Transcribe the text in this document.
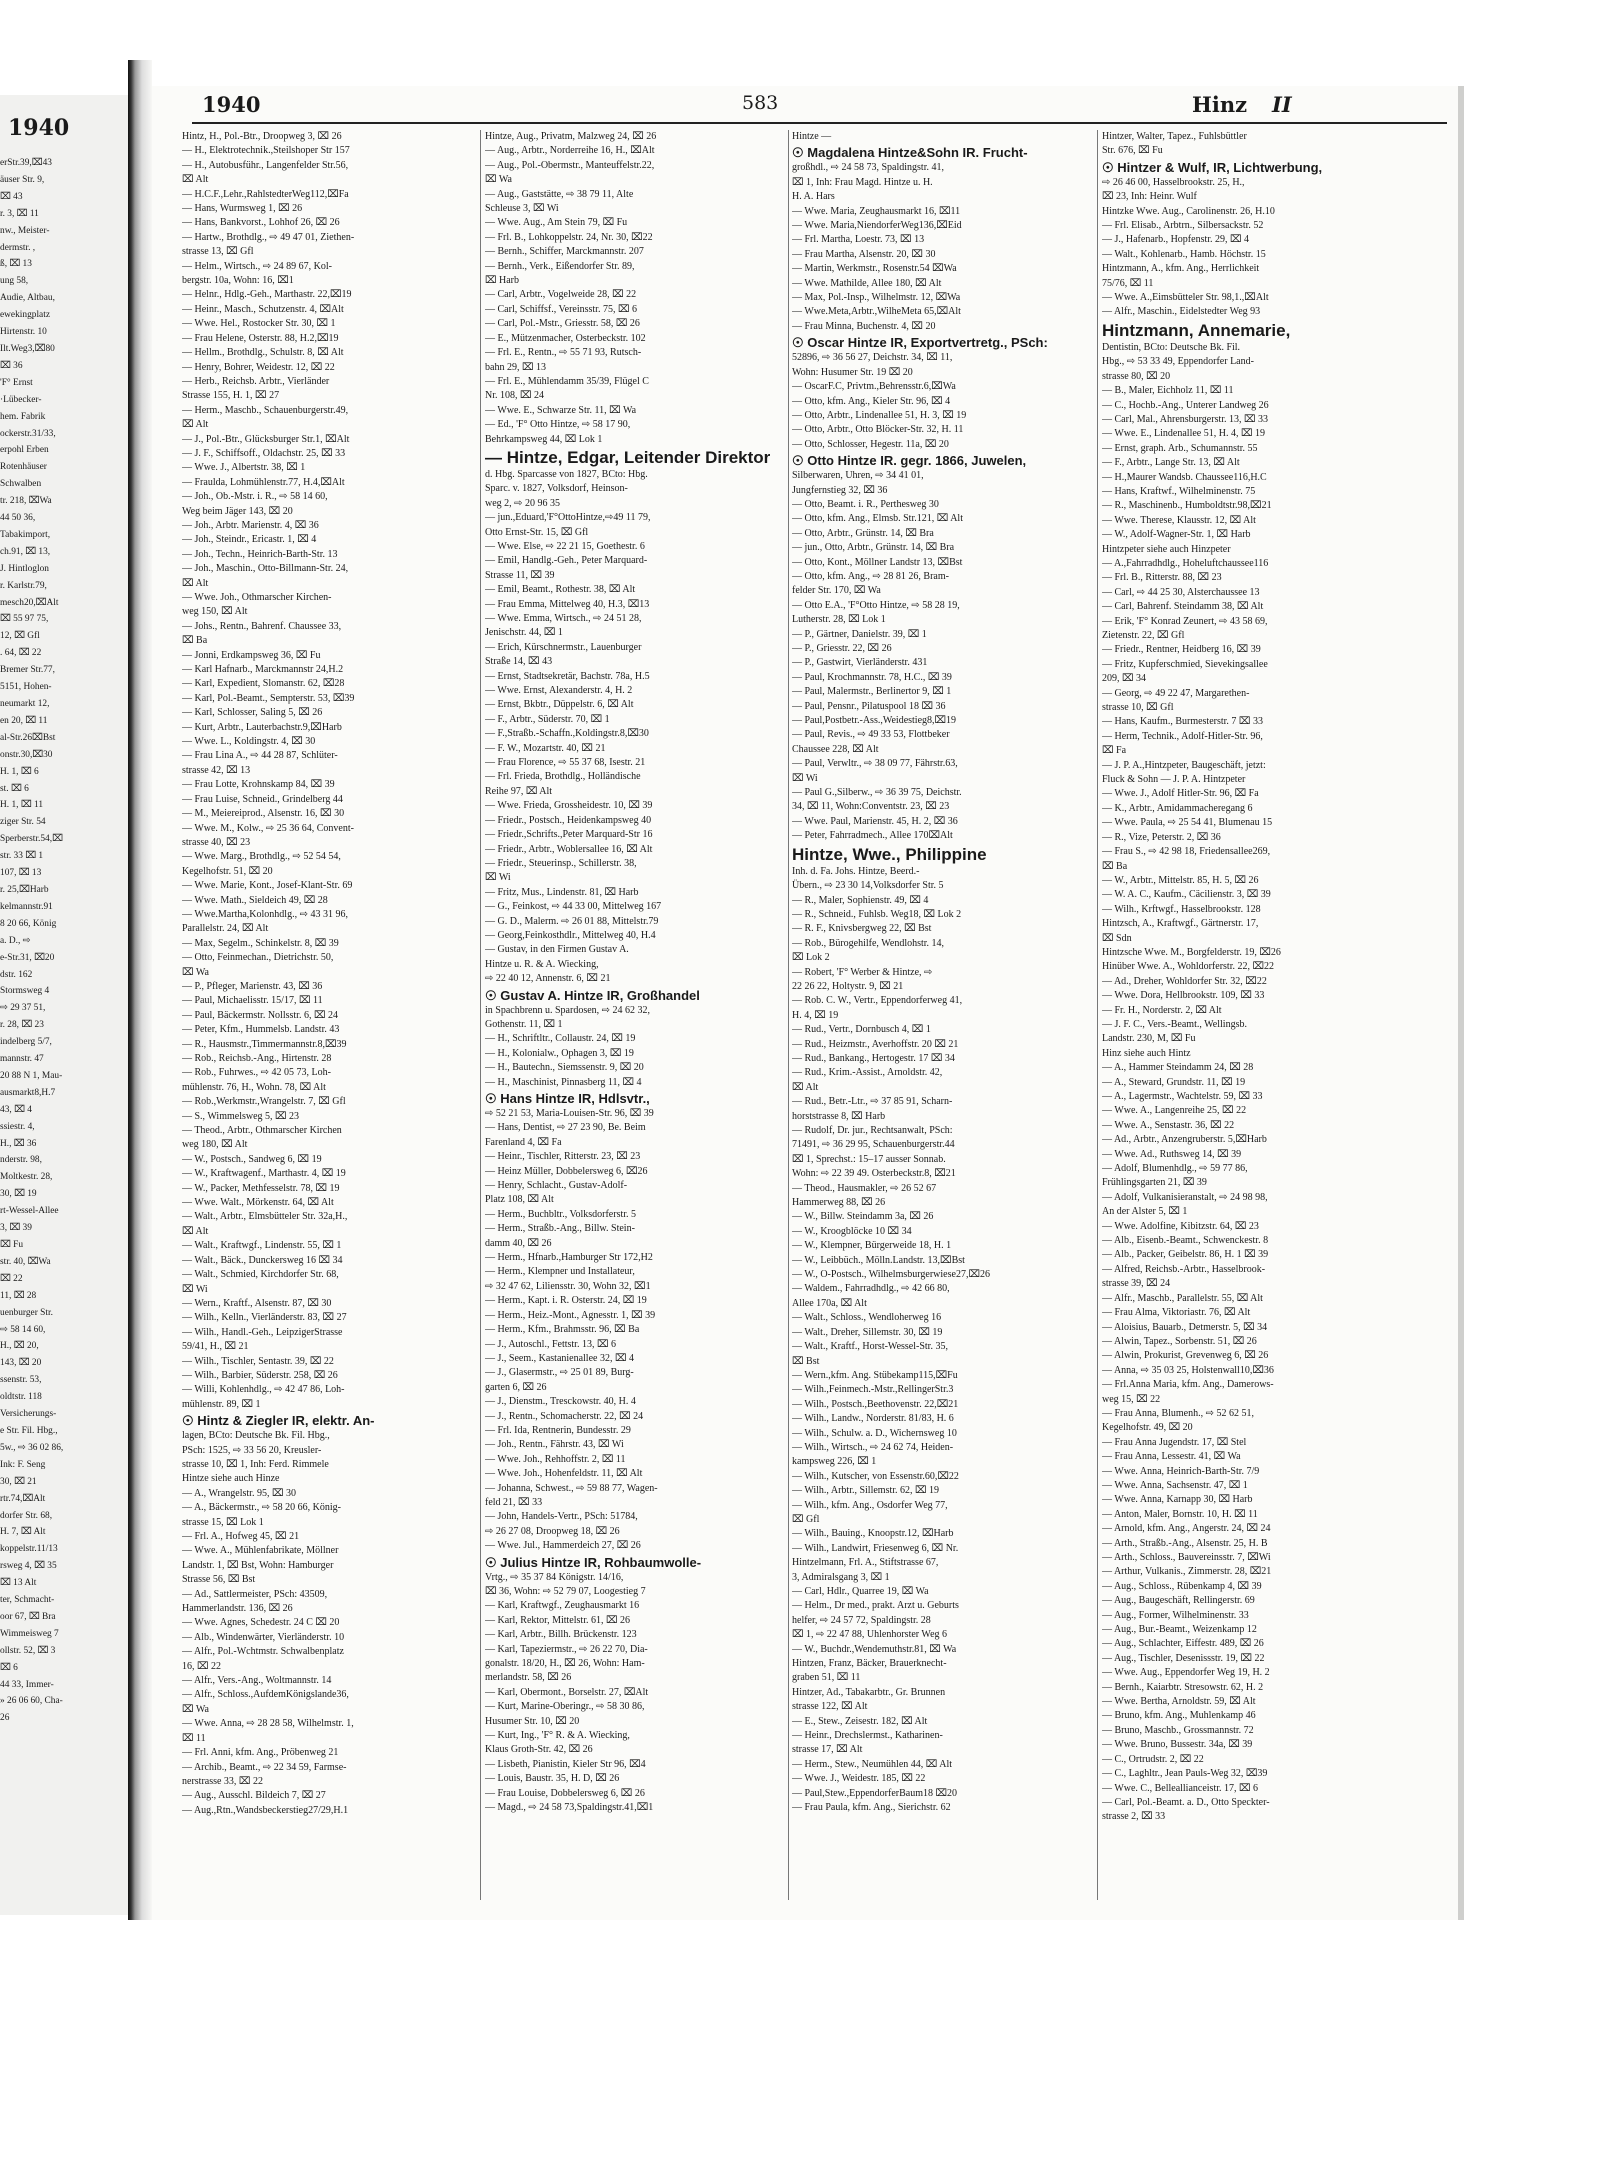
1940
erStr.39,⌧43
äuser Str. 9,
⌧ 43
r. 3, ⌧ 11
nw., Meister-
dermstr. ,
ß, ⌧ 13
ung 58,
Audie, Altbau,
ewekingplatz
Hirtenstr. 10
Ilt.Weg3,⌧80
⌧ 36
'F° Ernst
·Lübecker-
hem. Fabrik
ockerstr.31/33,
erpohl Erben
Rotenhäuser
Schwalben
tr. 218, ⌧Wa
44 50 36,
Tabakimport,
ch.91, ⌧ 13,
J. Hintloglon
r. Karlstr.79,
mesch20,⌧Alt
⌧ 55 97 75,
12, ⌧ Gfl
. 64, ⌧ 22
Bremer Str.77,
5151, Hohen-
neumarkt 12,
en 20, ⌧ 11
al-Str.26⌧Bst
onstr.30,⌧30
H. 1, ⌧ 6
st. ⌧ 6
H. 1, ⌧ 11
ziger Str. 54
Sperberstr.54,⌧
str. 33 ⌧ 1
107, ⌧ 13
r. 25,⌧Harb
kelmannstr.91
8 20 66, König
a. D., ⇨
e-Str.31, ⌧20
dstr. 162
Stormsweg 4
⇨ 29 37 51,
r. 28, ⌧ 23
indelberg 5/7,
mannstr. 47
20 88 N 1, Mau-
ausmarkt8,H.7
43, ⌧ 4
ssiestr. 4,
H., ⌧ 36
nderstr. 98,
Moltkestr. 28,
30, ⌧ 19
rt-Wessel-Allee
3, ⌧ 39
⌧ Fu
str. 40, ⌧Wa
⌧ 22
11, ⌧ 28
uenburger Str.
⇨ 58 14 60,
H., ⌧ 20,
143, ⌧ 20
ssenstr. 53,
oldtstr. 118
Versicherungs-
e Str. Fil. Hbg.,
5w., ⇨ 36 02 86,
Ink: F. Seng
30, ⌧ 21
rtr.74,⌧Alt
dorfer Str. 68,
H. 7, ⌧ Alt
koppelstr.11/13
rsweg 4, ⌧ 35
⌧ 13 Alt
ter, Schmacht-
oor 67, ⌧ Bra
Wimmeisweg 7
ollstr. 52, ⌧ 3
⌧ 6
44 33, Immer-
» 26 06 60, Cha-
26
1940	583	Hinz II
Hintz, H., Pol.-Btr., Droopweg 3, ⌧ 26
— H., Elektrotechnik.,Steilshoper Str 157
— H., Autobusführ., Langenfelder Str.56,
⌧ Alt
— H.C.F.,Lehr.,RahlstedterWeg112,⌧Fa
— Hans, Wurmsweg 1, ⌧ 26
— Hans, Bankvorst., Lohhof 26, ⌧ 26
— Hartw., Brothdlg., ⇨ 49 47 01, Ziethen-
strasse 13, ⌧ Gfl
— Helm., Wirtsch., ⇨ 24 89 67, Kol-
bergstr. 10a, Wohn: 16, ⌧1
— Helnr., Hdlg.-Geh., Marthastr. 22,⌧19
— Heinr., Masch., Schutzenstr. 4, ⌧Alt
— Wwe. Hel., Rostocker Str. 30, ⌧ 1
— Frau Helene, Osterstr. 88, H.2,⌧19
— Hellm., Brothdlg., Schulstr. 8, ⌧ Alt
— Henry, Bohrer, Weidestr. 12, ⌧ 22
— Herb., Reichsb. Arbtr., Vierländer
Strasse 155, H. 1, ⌧ 27
— Herm., Maschb., Schauenburgerstr.49,
⌧ Alt
— J., Pol.-Btr., Glücksburger Str.1, ⌧Alt
— J. F., Schiffsoff., Oldachstr. 25, ⌧ 33
— Wwe. J., Albertstr. 38, ⌧ 1
— Fraulda, Lohmühlenstr.77, H.4,⌧Alt
— Joh., Ob.-Mstr. i. R., ⇨ 58 14 60,
Weg beim Jäger 143, ⌧ 20
— Joh., Arbtr. Marienstr. 4, ⌧ 36
— Joh., Steindr., Ericastr. 1, ⌧ 4
— Joh., Techn., Heinrich-Barth-Str. 13
— Joh., Maschin., Otto-Billmann-Str. 24,
⌧ Alt
— Wwe. Joh., Othmarscher Kirchen-
weg 150, ⌧ Alt
— Johs., Rentn., Bahrenf. Chaussee 33,
⌧ Ba
— Jonni, Erdkampsweg 36, ⌧ Fu
— Karl Hafnarb., Marckmannstr 24,H.2
— Karl, Expedient, Slomanstr. 62, ⌧28
— Karl, Pol.-Beamt., Sempterstr. 53, ⌧39
— Karl, Schlosser, Saling 5, ⌧ 26
— Kurt, Arbtr., Lauterbachstr.9,⌧Harb
— Wwe. L., Koldingstr. 4, ⌧ 30
— Frau Lina A., ⇨ 44 28 87, Schlüter-
strasse 42, ⌧ 13
— Frau Lotte, Krohnskamp 84, ⌧ 39
— Frau Luise, Schneid., Grindelberg 44
— M., Meiereiprod., Alsenstr. 16, ⌧ 30
— Wwe. M., Kolw., ⇨ 25 36 64, Convent-
strasse 40, ⌧ 23
— Wwe. Marg., Brothdlg., ⇨ 52 54 54,
Kegelhofstr. 51, ⌧ 20
— Wwe. Marie, Kont., Josef-Klant-Str. 69
— Wwe. Math., Sieldeich 49, ⌧ 28
— Wwe.Martha,Kolonhdlg., ⇨ 43 31 96,
Parallelstr. 24, ⌧ Alt
— Max, Segelm., Schinkelstr. 8, ⌧ 39
— Otto, Feinmechan., Dietrichstr. 50,
⌧ Wa
— P., Pfleger, Marienstr. 43, ⌧ 36
— Paul, Michaelisstr. 15/17, ⌧ 11
— Paul, Bäckermstr. Nollsstr. 6, ⌧ 24
— Peter, Kfm., Hummelsb. Landstr. 43
— R., Hausmstr.,Timmermannstr.8,⌧39
— Rob., Reichsb.-Ang., Hirtenstr. 28
— Rob., Fuhrwes., ⇨ 42 05 73, Loh-
mühlenstr. 76, H., Wohn. 78, ⌧ Alt
— Rob.,Werkmstr.,Wrangelstr. 7, ⌧ Gfl
— S., Wimmelsweg 5, ⌧ 23
— Theod., Arbtr., Othmarscher Kirchen
weg 180, ⌧ Alt
— W., Postsch., Sandweg 6, ⌧ 19
— W., Kraftwagenf., Marthastr. 4, ⌧ 19
— W., Packer, Methfesselstr. 78, ⌧ 19
— Wwe. Walt., Mörkenstr. 64, ⌧ Alt
— Walt., Arbtr., Elmsbütteler Str. 32a,H.,
⌧ Alt
— Walt., Kraftwgf., Lindenstr. 55, ⌧ 1
— Walt., Bäck., Dunckersweg 16 ⌧ 34
— Walt., Schmied, Kirchdorfer Str. 68,
⌧ Wi
— Wern., Kraftf., Alsenstr. 87, ⌧ 30
— Wilh., Kelln., Vierländerstr. 83, ⌧ 27
— Wilh., Handl.-Geh., LeipzigerStrasse
59/41, H., ⌧ 21
— Wilh., Tischler, Sentastr. 39, ⌧ 22
— Wilh., Barbier, Süderstr. 258, ⌧ 26
— Willi, Kohlenhdlg., ⇨ 42 47 86, Loh-
mühlenstr. 89, ⌧ 1
☉ Hintz & Ziegler IR, elektr. An-
lagen, BCto: Deutsche Bk. Fil. Hbg.,
PSch: 1525, ⇨ 33 56 20, Kreusler-
strasse 10, ⌧ 1, Inh: Ferd. Rimmele
Hintze siehe auch Hinze
— A., Wrangelstr. 95, ⌧ 30
— A., Bäckermstr., ⇨ 58 20 66, König-
strasse 15, ⌧ Lok 1
— Frl. A., Hofweg 45, ⌧ 21
— Wwe. A., Mühlenfabrikate, Möllner
Landstr. 1, ⌧ Bst, Wohn: Hamburger
Strasse 56, ⌧ Bst
— Ad., Sattlermeister, PSch: 43509,
Hammerlandstr. 136, ⌧ 26
— Wwe. Agnes, Schedestr. 24 C ⌧ 20
— Alb., Windenwärter, Vierländerstr. 10
— Alfr., Pol.-Wchtmstr. Schwalbenplatz
16, ⌧ 22
— Alfr., Vers.-Ang., Woltmannstr. 14
— Alfr., Schloss.,AufdemKönigslande36,
⌧ Wa
— Wwe. Anna, ⇨ 28 28 58, Wilhelmstr. 1,
⌧ 11
— Frl. Anni, kfm. Ang., Pröbenweg 21
— Archib., Beamt., ⇨ 22 34 59, Farmse-
nerstrasse 33, ⌧ 22
— Aug., Ausschl. Bildeich 7, ⌧ 27
— Aug.,Rtn.,Wandsbeckerstieg27/29,H.1
Hintze, Aug., Privatm, Malzweg 24, ⌧ 26
— Aug., Arbtr., Norderreihe 16, H., ⌧Alt
— Aug., Pol.-Obermstr., Manteuffelstr.22,
⌧ Wa
— Aug., Gaststätte, ⇨ 38 79 11, Alte
Schleuse 3, ⌧ Wi
— Wwe. Aug., Am Stein 79, ⌧ Fu
— Frl. B., Lohkoppelstr. 24, Nr. 30, ⌧22
— Bernh., Schiffer, Marckmannstr. 207
— Bernh., Verk., Eißendorfer Str. 89,
⌧ Harb
— Carl, Arbtr., Vogelweide 28, ⌧ 22
— Carl, Schiffsf., Vereinsstr. 75, ⌧ 6
— Carl, Pol.-Mstr., Griesstr. 58, ⌧ 26
— E., Mützenmacher, Osterbeckstr. 102
— Frl. E., Rentn., ⇨ 55 71 93, Rutsch-
bahn 29, ⌧ 13
— Frl. E., Mühlendamm 35/39, Flügel C
Nr. 108, ⌧ 24
— Wwe. E., Schwarze Str. 11, ⌧ Wa
— Ed., 'F° Otto Hintze, ⇨ 58 17 90,
Behrkampsweg 44, ⌧ Lok 1
— Hintze, Edgar, Leitender Direktor
d. Hbg. Sparcasse von 1827, BCto: Hbg.
Sparc. v. 1827, Volksdorf, Heinson-
weg 2, ⇨ 20 96 35
— jun.,Eduard,'F°OttoHintze,⇨49 11 79,
Otto Ernst-Str. 15, ⌧ Gfl
— Wwe. Else, ⇨ 22 21 15, Goethestr. 6
— Emil, Handlg.-Geh., Peter Marquard-
Strasse 11, ⌧ 39
— Emil, Beamt., Rothestr. 38, ⌧ Alt
— Frau Emma, Mittelweg 40, H.3, ⌧13
— Wwe. Emma, Wirtsch., ⇨ 24 51 28,
Jenischstr. 44, ⌧ 1
— Erich, Kürschnermstr., Lauenburger
Straße 14, ⌧ 43
— Ernst, Stadtsekretär, Bachstr. 78a, H.5
— Wwe. Ernst, Alexanderstr. 4, H. 2
— Ernst, Bkbtr., Düppelstr. 6, ⌧ Alt
— F., Arbtr., Süderstr. 70, ⌧ 1
— F.,Straßb.-Schaffn.,Koldingstr.8,⌧30
— F. W., Mozartstr. 40, ⌧ 21
— Frau Florence, ⇨ 55 37 68, Isestr. 21
— Frl. Frieda, Brothdlg., Holländische
Reihe 97, ⌧ Alt
— Wwe. Frieda, Grossheidestr. 10, ⌧ 39
— Friedr., Postsch., Heidenkampsweg 40
— Friedr.,Schrifts.,Peter Marquard-Str 16
— Friedr., Arbtr., Woblersallee 16, ⌧ Alt
— Friedr., Steuerinsp., Schillerstr. 38,
⌧ Wi
— Fritz, Mus., Lindenstr. 81, ⌧ Harb
— G., Feinkost, ⇨ 44 33 00, Mittelweg 167
— G. D., Malerm. ⇨ 26 01 88, Mittelstr.79
— Georg,Feinkosthdlr., Mittelweg 40, H.4
— Gustav, in den Firmen Gustav A.
Hintze u. R. & A. Wiecking,
⇨ 22 40 12, Annenstr. 6, ⌧ 21
☉ Gustav A. Hintze IR, Großhandel
in Spachbrenn u. Spardosen, ⇨ 24 62 32,
Gothenstr. 11, ⌧ 1
— H., Schriftltr., Collaustr. 24, ⌧ 19
— H., Kolonialw., Ophagen 3, ⌧ 19
— H., Bautechn., Siemssenstr. 9, ⌧ 20
— H., Maschinist, Pinnasberg 11, ⌧ 4
☉ Hans Hintze IR, Hdlsvtr.,
⇨ 52 21 53, Maria-Louisen-Str. 96, ⌧ 39
— Hans, Dentist, ⇨ 27 23 90, Be. Beim
Farenland 4, ⌧ Fa
— Heinr., Tischler, Ritterstr. 23, ⌧ 23
— Heinz Müller, Dobbelersweg 6, ⌧26
— Henry, Schlacht., Gustav-Adolf-
Platz 108, ⌧ Alt
— Herm., Buchbltr., Volksdorferstr. 5
— Herm., Straßb.-Ang., Billw. Stein-
damm 40, ⌧ 26
— Herm., Hfnarb.,Hamburger Str 172,H2
— Herm., Klempner und Installateur,
⇨ 32 47 62, Liliensstr. 30, Wohn 32, ⌧1
— Herm., Kapt. i. R. Osterstr. 24, ⌧ 19
— Herm., Heiz.-Mont., Agnesstr. 1, ⌧ 39
— Herm., Kfm., Brahmsstr. 96, ⌧ Ba
— J., Autoschl., Fettstr. 13, ⌧ 6
— J., Seem., Kastanienallee 32, ⌧ 4
— J., Glasermstr., ⇨ 25 01 89, Burg-
garten 6, ⌧ 26
— J., Dienstm., Tresckowstr. 40, H. 4
— J., Rentn., Schomacherstr. 22, ⌧ 24
— Frl. Ida, Rentnerin, Bundesstr. 29
— Joh., Rentn., Fährstr. 43, ⌧ Wi
— Wwe. Joh., Rehhoffstr. 2, ⌧ 11
— Wwe. Joh., Hohenfeldstr. 11, ⌧ Alt
— Johanna, Schwest., ⇨ 59 88 77, Wagen-
feld 21, ⌧ 33
— John, Handels-Vertr., PSch: 51784,
⇨ 26 27 08, Droopweg 18, ⌧ 26
— Wwe. Jul., Hammerdeich 27, ⌧ 26
☉ Julius Hintze IR, Rohbaumwolle-
Vrtg., ⇨ 35 37 84 Königstr. 14/16,
⌧ 36, Wohn: ⇨ 52 79 07, Loogestieg 7
— Karl, Kraftwgf., Zeughausmarkt 16
— Karl, Rektor, Mittelstr. 61, ⌧ 26
— Karl, Arbtr., Billh. Brückenstr. 123
— Karl, Tapeziermstr., ⇨ 26 22 70, Dia-
gonalstr. 18/20, H., ⌧ 26, Wohn: Ham-
merlandstr. 58, ⌧ 26
— Karl, Obermont., Borselstr. 27, ⌧Alt
— Kurt, Marine-Oberingr., ⇨ 58 30 86,
Husumer Str. 10, ⌧ 20
— Kurt, Ing., 'F° R. & A. Wiecking,
Klaus Groth-Str. 42, ⌧ 26
— Lisbeth, Pianistin, Kieler Str 96, ⌧4
— Louis, Baustr. 35, H. D, ⌧ 26
— Frau Louise, Dobbelersweg 6, ⌧ 26
— Magd., ⇨ 24 58 73,Spaldingstr.41,⌧1
Hintze —
☉ Magdalena Hintze&Sohn IR. Frucht-
großhdl., ⇨ 24 58 73, Spaldingstr. 41,
⌧ 1, Inh: Frau Magd. Hintze u. H.
H. A. Hars
— Wwe. Maria, Zeughausmarkt 16, ⌧11
— Wwe. Maria,NiendorferWeg136,⌧Eid
— Frl. Martha, Loestr. 73, ⌧ 13
— Frau Martha, Alsenstr. 20, ⌧ 30
— Martin, Werkmstr., Rosenstr.54 ⌧Wa
— Wwe. Mathilde, Allee 180, ⌧ Alt
— Max, Pol.-Insp., Wilhelmstr. 12, ⌧Wa
— Wwe.Meta,Arbtr.,WilheMeta 65,⌧Alt
— Frau Minna, Buchenstr. 4, ⌧ 20
☉ Oscar Hintze IR, Exportvertretg., PSch:
52896, ⇨ 36 56 27, Deichstr. 34, ⌧ 11,
Wohn: Husumer Str. 19 ⌧ 20
— OscarF.C, Privtm.,Behrensstr.6,⌧Wa
— Otto, kfm. Ang., Kieler Str. 96, ⌧ 4
— Otto, Arbtr., Lindenallee 51, H. 3, ⌧ 19
— Otto, Arbtr., Otto Blöcker-Str. 32, H. 11
— Otto, Schlosser, Hegestr. 11a, ⌧ 20
☉ Otto Hintze IR. gegr. 1866, Juwelen,
Silberwaren, Uhren, ⇨ 34 41 01,
Jungfernstieg 32, ⌧ 36
— Otto, Beamt. i. R., Perthesweg 30
— Otto, kfm. Ang., Elmsb. Str.121, ⌧ Alt
— Otto, Arbtr., Grünstr. 14, ⌧ Bra
— jun., Otto, Arbtr., Grünstr. 14, ⌧ Bra
— Otto, Kont., Möllner Landstr 13, ⌧Bst
— Otto, kfm. Ang., ⇨ 28 81 26, Bram-
felder Str. 170, ⌧ Wa
— Otto E.A., 'F°Otto Hintze, ⇨ 58 28 19,
Lutherstr. 28, ⌧ Lok 1
— P., Gärtner, Danielstr. 39, ⌧ 1
— P., Griesstr. 22, ⌧ 26
— P., Gastwirt, Vierländerstr. 431
— Paul, Krochmannstr. 78, H.C., ⌧ 39
— Paul, Malermstr., Berlinertor 9, ⌧ 1
— Paul, Pensnr., Pilatuspool 18 ⌧ 36
— Paul,Postbetr.-Ass.,Weidestieg8,⌧19
— Paul, Revis., ⇨ 49 33 53, Flottbeker
Chaussee 228, ⌧ Alt
— Paul, Verwltr., ⇨ 38 09 77, Fährstr.63,
⌧ Wi
— Paul G.,Silberw., ⇨ 36 39 75, Deichstr.
34, ⌧ 11, Wohn:Conventstr. 23, ⌧ 23
— Wwe. Paul, Marienstr. 45, H. 2, ⌧ 36
— Peter, Fahrradmech., Allee 170⌧Alt
Hintze, Wwe., Philippine
Inh. d. Fa. Johs. Hintze, Beerd.-
Übern., ⇨ 23 30 14,Volksdorfer Str. 5
— R., Maler, Sophienstr. 49, ⌧ 4
— R., Schneid., Fuhlsb. Weg18, ⌧ Lok 2
— R. F., Knivsbergweg 22, ⌧ Bst
— Rob., Bürogehilfe, Wendlohstr. 14,
⌧ Lok 2
— Robert, 'F° Werber & Hintze, ⇨
22 26 22, Holtystr. 9, ⌧ 21
— Rob. C. W., Vertr., Eppendorferweg 41,
H. 4, ⌧ 19
— Rud., Vertr., Dornbusch 4, ⌧ 1
— Rud., Heizmstr., Averhoffstr. 20 ⌧ 21
— Rud., Bankang., Hertogestr. 17 ⌧ 34
— Rud., Krim.-Assist., Arnoldstr. 42,
⌧ Alt
— Rud., Betr.-Ltr., ⇨ 37 85 91, Scharn-
horststrasse 8, ⌧ Harb
— Rudolf, Dr. jur., Rechtsanwalt, PSch:
71491, ⇨ 36 29 95, Schauenburgerstr.44
⌧ 1, Sprechst.: 15–17 ausser Sonnab.
Wohn: ⇨ 22 39 49. Osterbeckstr.8, ⌧21
— Theod., Hausmakler, ⇨ 26 52 67
Hammerweg 88, ⌧ 26
— W., Billw. Steindamm 3a, ⌧ 26
— W., Kroogblöcke 10 ⌧ 34
— W., Klempner, Bürgerweide 18, H. 1
— W., Leibbüch., Mölln.Landstr. 13,⌧Bst
— W., O-Postsch., Wilhelmsburgerwiese27,⌧26
— Waldem., Fahrradhdlg., ⇨ 42 66 80,
Allee 170a, ⌧ Alt
— Walt., Schloss., Wendloherweg 16
— Walt., Dreher, Sillemstr. 30, ⌧ 19
— Walt., Kraftf., Horst-Wessel-Str. 35,
⌧ Bst
— Wern.,kfm. Ang. Stübekamp115,⌧Fu
— Wilh.,Feinmech.-Mstr.,RellingerStr.3
— Wilh., Postsch.,Beethovenstr. 22,⌧21
— Wilh., Landw., Norderstr. 81/83, H. 6
— Wilh., Schulw. a. D., Wichernsweg 10
— Wilh., Wirtsch., ⇨ 24 62 74, Heiden-
kampsweg 226, ⌧ 1
— Wilh., Kutscher, von Essenstr.60,⌧22
— Wilh., Arbtr., Sillemstr. 62, ⌧ 19
— Wilh., kfm. Ang., Osdorfer Weg 77,
⌧ Gfl
— Wilh., Bauing., Knoopstr.12, ⌧Harb
— Wilh., Landwirt, Friesenweg 6, ⌧ Nr.
Hintzelmann, Frl. A., Stiftstrasse 67,
3, Admiralsgang 3, ⌧ 1
— Carl, Hdlr., Quarree 19, ⌧ Wa
— Helm., Dr med., prakt. Arzt u. Geburts
helfer, ⇨ 24 57 72, Spaldingstr. 28
⌧ 1, ⇨ 22 47 88, Uhlenhorster Weg 6
— W., Buchdr.,Wendemuthstr.81, ⌧ Wa
Hintzen, Franz, Bäcker, Brauerknecht-
graben 51, ⌧ 11
Hintzer, Ad., Tabakarbtr., Gr. Brunnen
strasse 122, ⌧ Alt
— E., Stew., Zeisestr. 182, ⌧ Alt
— Heinr., Drechslermst., Katharinen-
strasse 17, ⌧ Alt
— Herm., Stew., Neumühlen 44, ⌧ Alt
— Wwe. J., Weidestr. 185, ⌧ 22
— Paul,Stew.,EppendorferBaum18 ⌧20
— Frau Paula, kfm. Ang., Sierichstr. 62
Hintzer, Walter, Tapez., Fuhlsbüttler
Str. 676, ⌧ Fu
☉ Hintzer & Wulf, IR, Lichtwerbung,
⇨ 26 46 00, Hasselbrookstr. 25, H.,
⌧ 23, Inh: Heinr. Wulf
Hintzke Wwe. Aug., Carolinenstr. 26, H.10
— Frl. Elisab., Arbtrn., Silbersackstr. 52
— J., Hafenarb., Hopfenstr. 29, ⌧ 4
— Walt., Kohlenarb., Hamb. Höchstr. 15
Hintzmann, A., kfm. Ang., Herrlichkeit
75/76, ⌧ 11
— Wwe. A.,Eimsbütteler Str. 98,1.,⌧Alt
— Alfr., Maschin., Eidelstedter Weg 93
Hintzmann, Annemarie,
Dentistin, BCto: Deutsche Bk. Fil.
Hbg., ⇨ 53 33 49, Eppendorfer Land-
strasse 80, ⌧ 20
— B., Maler, Eichholz 11, ⌧ 11
— C., Hochb.-Ang., Unterer Landweg 26
— Carl, Mal., Ahrensburgerstr. 13, ⌧ 33
— Wwe. E., Lindenallee 51, H. 4, ⌧ 19
— Ernst, graph. Arb., Schumannstr. 55
— F., Arbtr., Lange Str. 13, ⌧ Alt
— H.,Maurer Wandsb. Chaussee116,H.C
— Hans, Kraftwf., Wilhelminenstr. 75
— R., Maschinenb., Humboldtstr.98,⌧21
— Wwe. Therese, Klausstr. 12, ⌧ Alt
— W., Adolf-Wagner-Str. 1, ⌧ Harb
Hintzpeter siehe auch Hinzpeter
— A.,Fahrradhdlg., Hoheluftchaussee116
— Frl. B., Ritterstr. 88, ⌧ 23
— Carl, ⇨ 44 25 30, Alsterchaussee 13
— Carl, Bahrenf. Steindamm 38, ⌧ Alt
— Erik, 'F° Konrad Zeunert, ⇨ 43 58 69,
Zietenstr. 22, ⌧ Gfl
— Friedr., Rentner, Heidberg 16, ⌧ 39
— Fritz, Kupferschmied, Sievekingsallee
209, ⌧ 34
— Georg, ⇨ 49 22 47, Margarethen-
strasse 10, ⌧ Gfl
— Hans, Kaufm., Burmesterstr. 7 ⌧ 33
— Herm, Technik., Adolf-Hitler-Str. 96,
⌧ Fa
— J. P. A.,Hintzpeter, Baugeschäft, jetzt:
Fluck & Sohn — J. P. A. Hintzpeter
— Wwe. J., Adolf Hitler-Str. 96, ⌧ Fa
— K., Arbtr., Amidammacheregang 6
— Wwe. Paula, ⇨ 25 54 41, Blumenau 15
— R., Vize, Peterstr. 2, ⌧ 36
— Frau S., ⇨ 42 98 18, Friedensallee269,
⌧ Ba
— W., Arbtr., Mittelstr. 85, H. 5, ⌧ 26
— W. A. C., Kaufm., Cäcilienstr. 3, ⌧ 39
— Wilh., Krftwgf., Hasselbrookstr. 128
Hintzsch, A., Kraftwgf., Gärtnerstr. 17,
⌧ Sdn
Hintzsche Wwe. M., Borgfelderstr. 19, ⌧26
Hinüber Wwe. A., Wohldorferstr. 22, ⌧22
— Ad., Dreher, Wohldorfer Str. 32, ⌧22
— Wwe. Dora, Hellbrookstr. 109, ⌧ 33
— Fr. H., Norderstr. 2, ⌧ Alt
— J. F. C., Vers.-Beamt., Wellingsb.
Landstr. 230, M, ⌧ Fu
Hinz siehe auch Hintz
— A., Hammer Steindamm 24, ⌧ 28
— A., Steward, Grundstr. 11, ⌧ 19
— A., Lagermstr., Wachtelstr. 59, ⌧ 33
— Wwe. A., Langenreihe 25, ⌧ 22
— Wwe. A., Senstastr. 36, ⌧ 22
— Ad., Arbtr., Anzengruberstr. 5,⌧Harb
— Wwe. Ad., Ruthsweg 14, ⌧ 39
— Adolf, Blumenhdlg., ⇨ 59 77 86,
Frühlingsgarten 21, ⌧ 39
— Adolf, Vulkanisieranstalt, ⇨ 24 98 98,
An der Alster 5, ⌧ 1
— Wwe. Adolfine, Kibitzstr. 64, ⌧ 23
— Alb., Eisenb.-Beamt., Schwenckestr. 8
— Alb., Packer, Geibelstr. 86, H. 1 ⌧ 39
— Alfred, Reichsb.-Arbtr., Hasselbrook-
strasse 39, ⌧ 24
— Alfr., Maschb., Parallelstr. 55, ⌧ Alt
— Frau Alma, Viktoriastr. 76, ⌧ Alt
— Aloisius, Bauarb., Detmerstr. 5, ⌧ 34
— Alwin, Tapez., Sorbenstr. 51, ⌧ 26
— Alwin, Prokurist, Grevenweg 6, ⌧ 26
— Anna, ⇨ 35 03 25, Holstenwall10,⌧36
— Frl.Anna Maria, kfm. Ang., Damerows-
weg 15, ⌧ 22
— Frau Anna, Blumenh., ⇨ 52 62 51,
Kegelhofstr. 49, ⌧ 20
— Frau Anna Jugendstr. 17, ⌧ Stel
— Frau Anna, Lessestr. 41, ⌧ Wa
— Wwe. Anna, Heinrich-Barth-Str. 7/9
— Wwe. Anna, Sachsenstr. 47, ⌧ 1
— Wwe. Anna, Karnapp 30, ⌧ Harb
— Anton, Maler, Bornstr. 10, H. ⌧ 11
— Arnold, kfm. Ang., Angerstr. 24, ⌧ 24
— Arth., Straßb.-Ang., Alsenstr. 25, H. B
— Arth., Schloss., Bauvereinsstr. 7, ⌧Wi
— Arthur, Vulkanis., Zimmerstr. 28, ⌧21
— Aug., Schloss., Rübenkamp 4, ⌧ 39
— Aug., Baugeschäft, Rellingerstr. 69
— Aug., Former, Wilhelminenstr. 33
— Aug., Bur.-Beamt., Weizenkamp 12
— Aug., Schlachter, Eiffestr. 489, ⌧ 26
— Aug., Tischler, Desenissstr. 19, ⌧ 22
— Wwe. Aug., Eppendorfer Weg 19, H. 2
— Bernh., Kaiarbtr. Stresowstr. 62, H. 2
— Wwe. Bertha, Arnoldstr. 59, ⌧ Alt
— Bruno, kfm. Ang., Muhlenkamp 46
— Bruno, Maschb., Grossmannstr. 72
— Wwe. Bruno, Bussestr. 34a, ⌧ 39
— C., Ortrudstr. 2, ⌧ 22
— C., Laghltr., Jean Pauls-Weg 32, ⌧39
— Wwe. C., Belleallianceistr. 17, ⌧ 6
— Carl, Pol.-Beamt. a. D., Otto Speckter-
strasse 2, ⌧ 33
